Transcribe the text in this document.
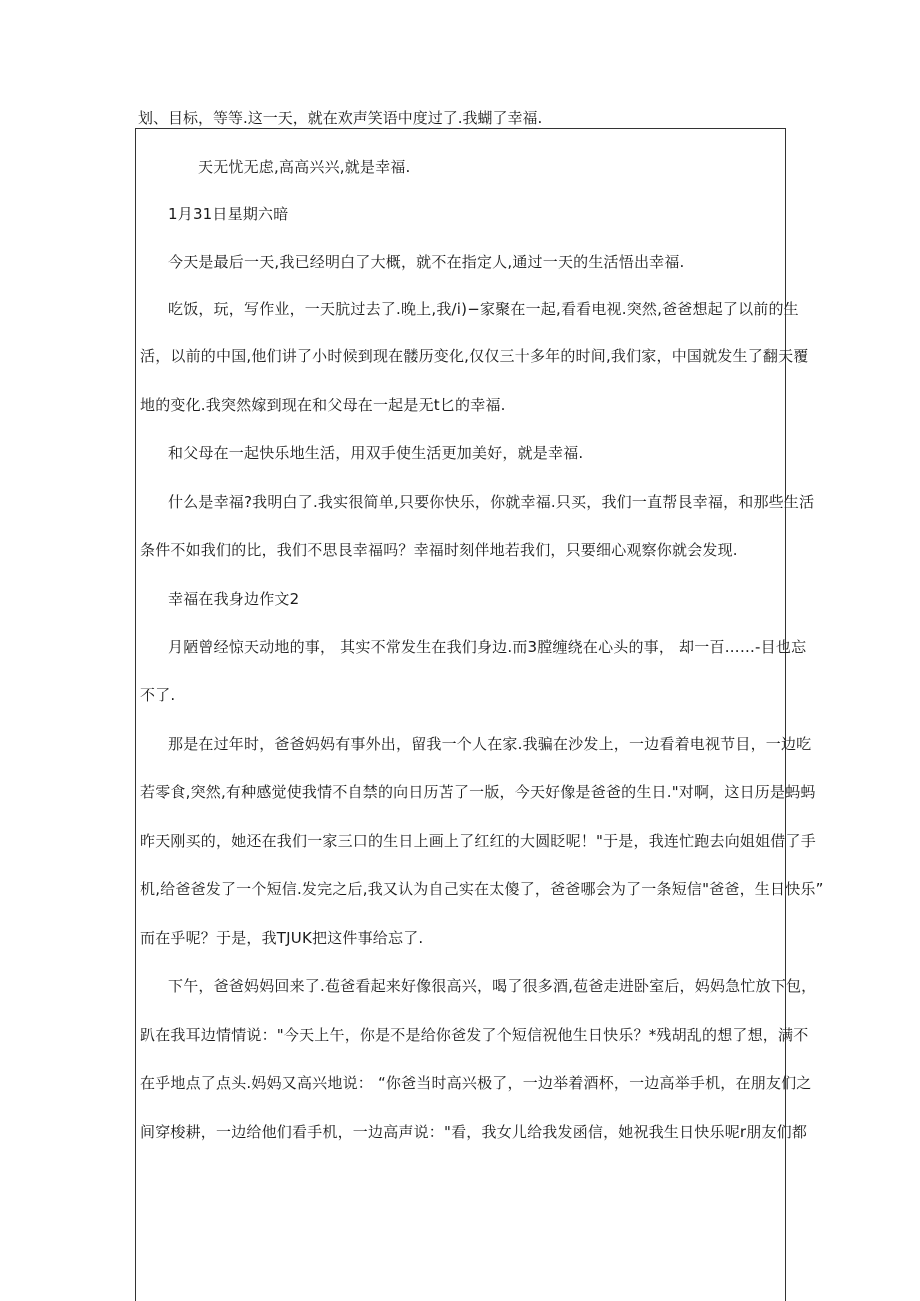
划、目标，等等.这一天，就在欢声笑语中度过了.我蝴了幸福.
天无忧无虑,高高兴兴,就是幸福.
1月31日星期六暗
今天是最后一天,我已经明白了大概，就不在指定人,通过一天的生活悟出幸福.
吃饭，玩，写作业，一天肮过去了.晚上,我/i)−家聚在一起,看看电视.突然,爸爸想起了以前的生
活，以前的中国,他们讲了小时候到现在髅历变化,仅仅三十多年的时间,我们家，中国就发生了翻天覆
地的变化.我突然嫁到现在和父母在一起是无t匕的幸福.
和父母在一起快乐地生活，用双手使生活更加美好，就是幸福.
什么是幸福?我明白了.我实很简单,只要你快乐，你就幸福.只买，我们一直帮艮幸福，和那些生活
条件不如我们的比，我们不思艮幸福吗？幸福时刻伴地若我们，只要细心观察你就会发现.
幸福在我身边作文2
月陋曾经惊天动地的事， 其实不常发生在我们身边.而3膛缠绕在心头的事， 却一百……-目也忘
不了.
那是在过年时，爸爸妈妈有事外出，留我一个人在家.我骗在沙发上，一边看着电视节目，一边吃
若零食,突然,有种感觉使我情不自禁的向日历苫了一版，今天好像是爸爸的生日."对啊，这日历是蚂蚂
昨天刚买的，她还在我们一家三口的生日上画上了红红的大圆眨呢！"于是，我连忙跑去向姐姐借了手
机,给爸爸发了一个短信.发完之后,我又认为自己实在太傻了，爸爸哪会为了一条短信"爸爸，生日快乐”
而在乎呢？于是，我TJUK把这件事给忘了.
下午，爸爸妈妈回来了.苞爸看起来好像很高兴，喝了很多酒,苞爸走进卧室后，妈妈急忙放下包，
趴在我耳边情情说："今天上午，你是不是给你爸发了个短信祝他生日快乐？*残胡乱的想了想，满不
在乎地点了点头.妈妈又高兴地说： “你爸当时高兴极了，一边举着酒杯，一边高举手机，在朋友们之
间穿梭耕，一边给他们看手机，一边高声说："看，我女儿给我发函信，她祝我生日快乐呢r朋友们都
